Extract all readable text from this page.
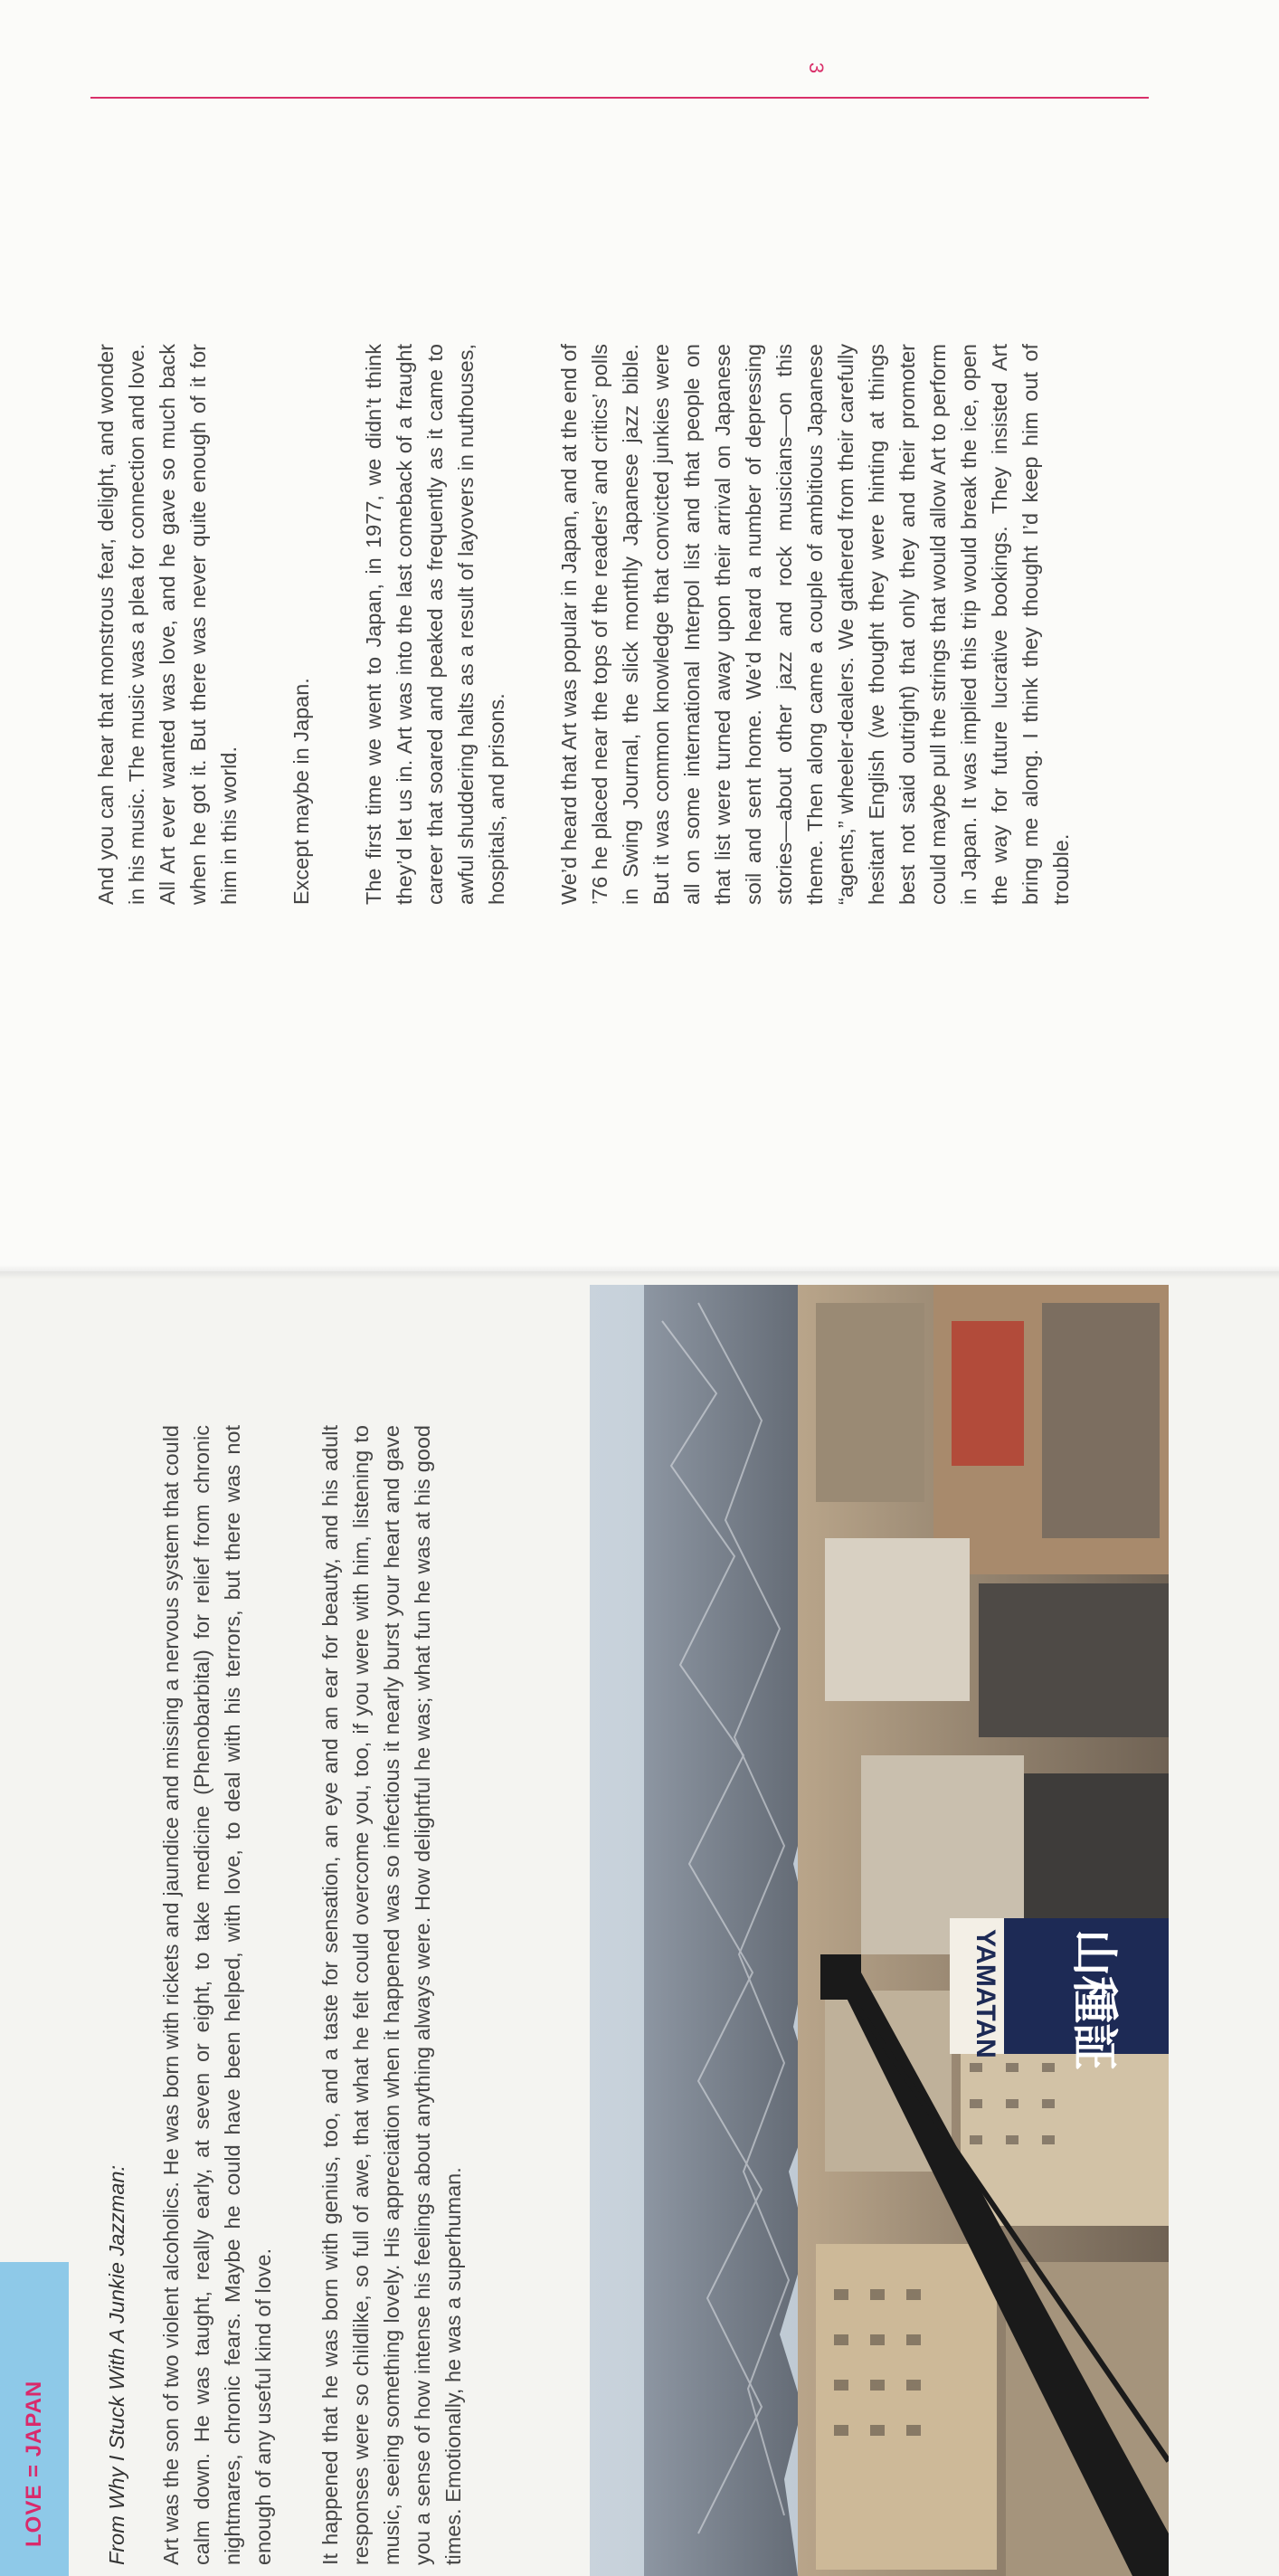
3

And you can hear that monstrous fear, delight, and wonder in his music. The music was a plea for connection and love. All Art ever wanted was love, and he gave so much back when he got it. But there was never quite enough of it for him in this world. Except maybe in Japan. The first time we went to Japan, in 1977, we didn’t think they’d let us in. Art was into the last comeback of a fraught career that soared and peaked as frequently as it came to awful shuddering halts as a result of layovers in nuthouses, hospitals, and prisons. We’d heard that Art was popular in Japan, and at the end of ’76 he placed near the tops of the readers’ and critics’ polls in Swing Journal, the slick monthly Japanese jazz bible. But it was common knowledge that convicted junkies were all on some international Interpol list and that people on that list were turned away upon their arrival on Japanese soil and sent home. We’d heard a number of depressing stories—about other jazz and rock musicians—on this theme. Then along came a couple of ambitious Japanese “agents,” wheeler-dealers. We gathered from their carefully hesitant English (we thought they were hinting at things best not said outright) that only they and their promoter could maybe pull the strings that would allow Art to perform in Japan. It was implied this trip would break the ice, open the way for future lucrative bookings. They insisted Art bring me along. I think they thought I’d keep him out of trouble.

From Why I Stuck With A Junkie Jazzman: Art was the son of two violent alcoholics. He was born with rickets and jaundice and missing a nervous system that could calm down. He was taught, really early, at seven or eight, to take medicine (Phenobarbital) for relief from chronic nightmares, chronic fears. Maybe he could have been helped, with love, to deal with his terrors, but there was not enough of any useful kind of love. It happened that he was born with genius, too, and a taste for sensation, an eye and an ear for beauty, and his adult responses were so childlike, so full of awe, that what he felt could overcome you, too, if you were with him, listening to music, seeing something lovely. His appreciation when it happened was so infectious it nearly burst your heart and gave you a sense of how intense his feelings about anything always were. How delightful he was; what fun he was at his good times. Emotionally, he was a superhuman.

LOVE = JAPAN
YAMATAN 山種証
